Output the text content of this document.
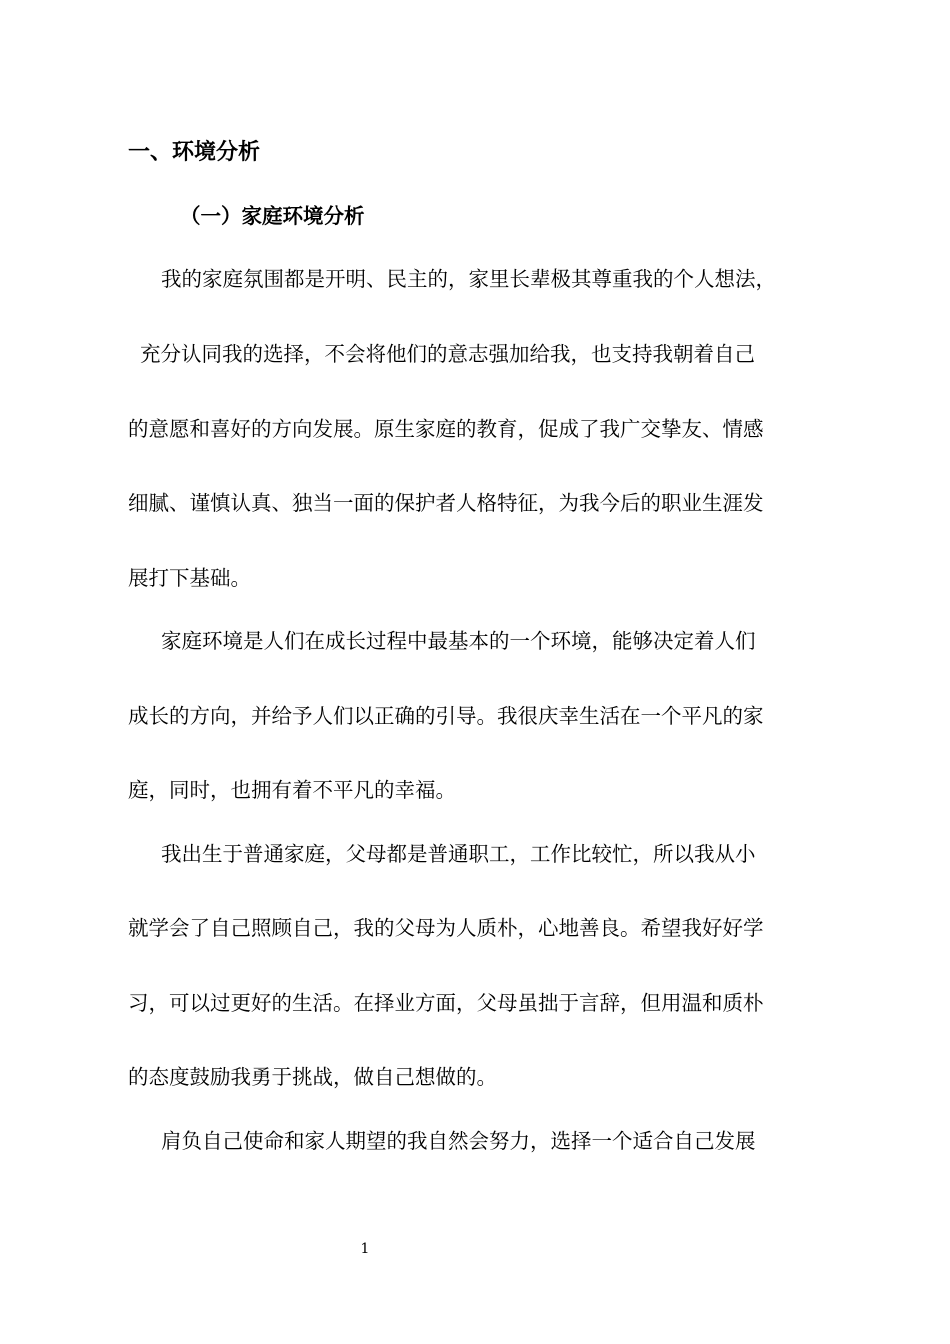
一、环境分析
（一）家庭环境分析
我的家庭氛围都是开明、民主的，家里长辈极其尊重我的个人想法，
充分认同我的选择，不会将他们的意志强加给我，也支持我朝着自己
的意愿和喜好的方向发展。原生家庭的教育，促成了我广交挚友、情感
细腻、谨慎认真、独当一面的保护者人格特征，为我今后的职业生涯发
展打下基础。
家庭环境是人们在成长过程中最基本的一个环境，能够决定着人们
成长的方向，并给予人们以正确的引导。我很庆幸生活在一个平凡的家
庭，同时，也拥有着不平凡的幸福。
我出生于普通家庭，父母都是普通职工，工作比较忙，所以我从小
就学会了自己照顾自己，我的父母为人质朴，心地善良。希望我好好学
习，可以过更好的生活。在择业方面，父母虽拙于言辞，但用温和质朴
的态度鼓励我勇于挑战，做自己想做的。
肩负自己使命和家人期望的我自然会努力，选择一个适合自己发展
1
